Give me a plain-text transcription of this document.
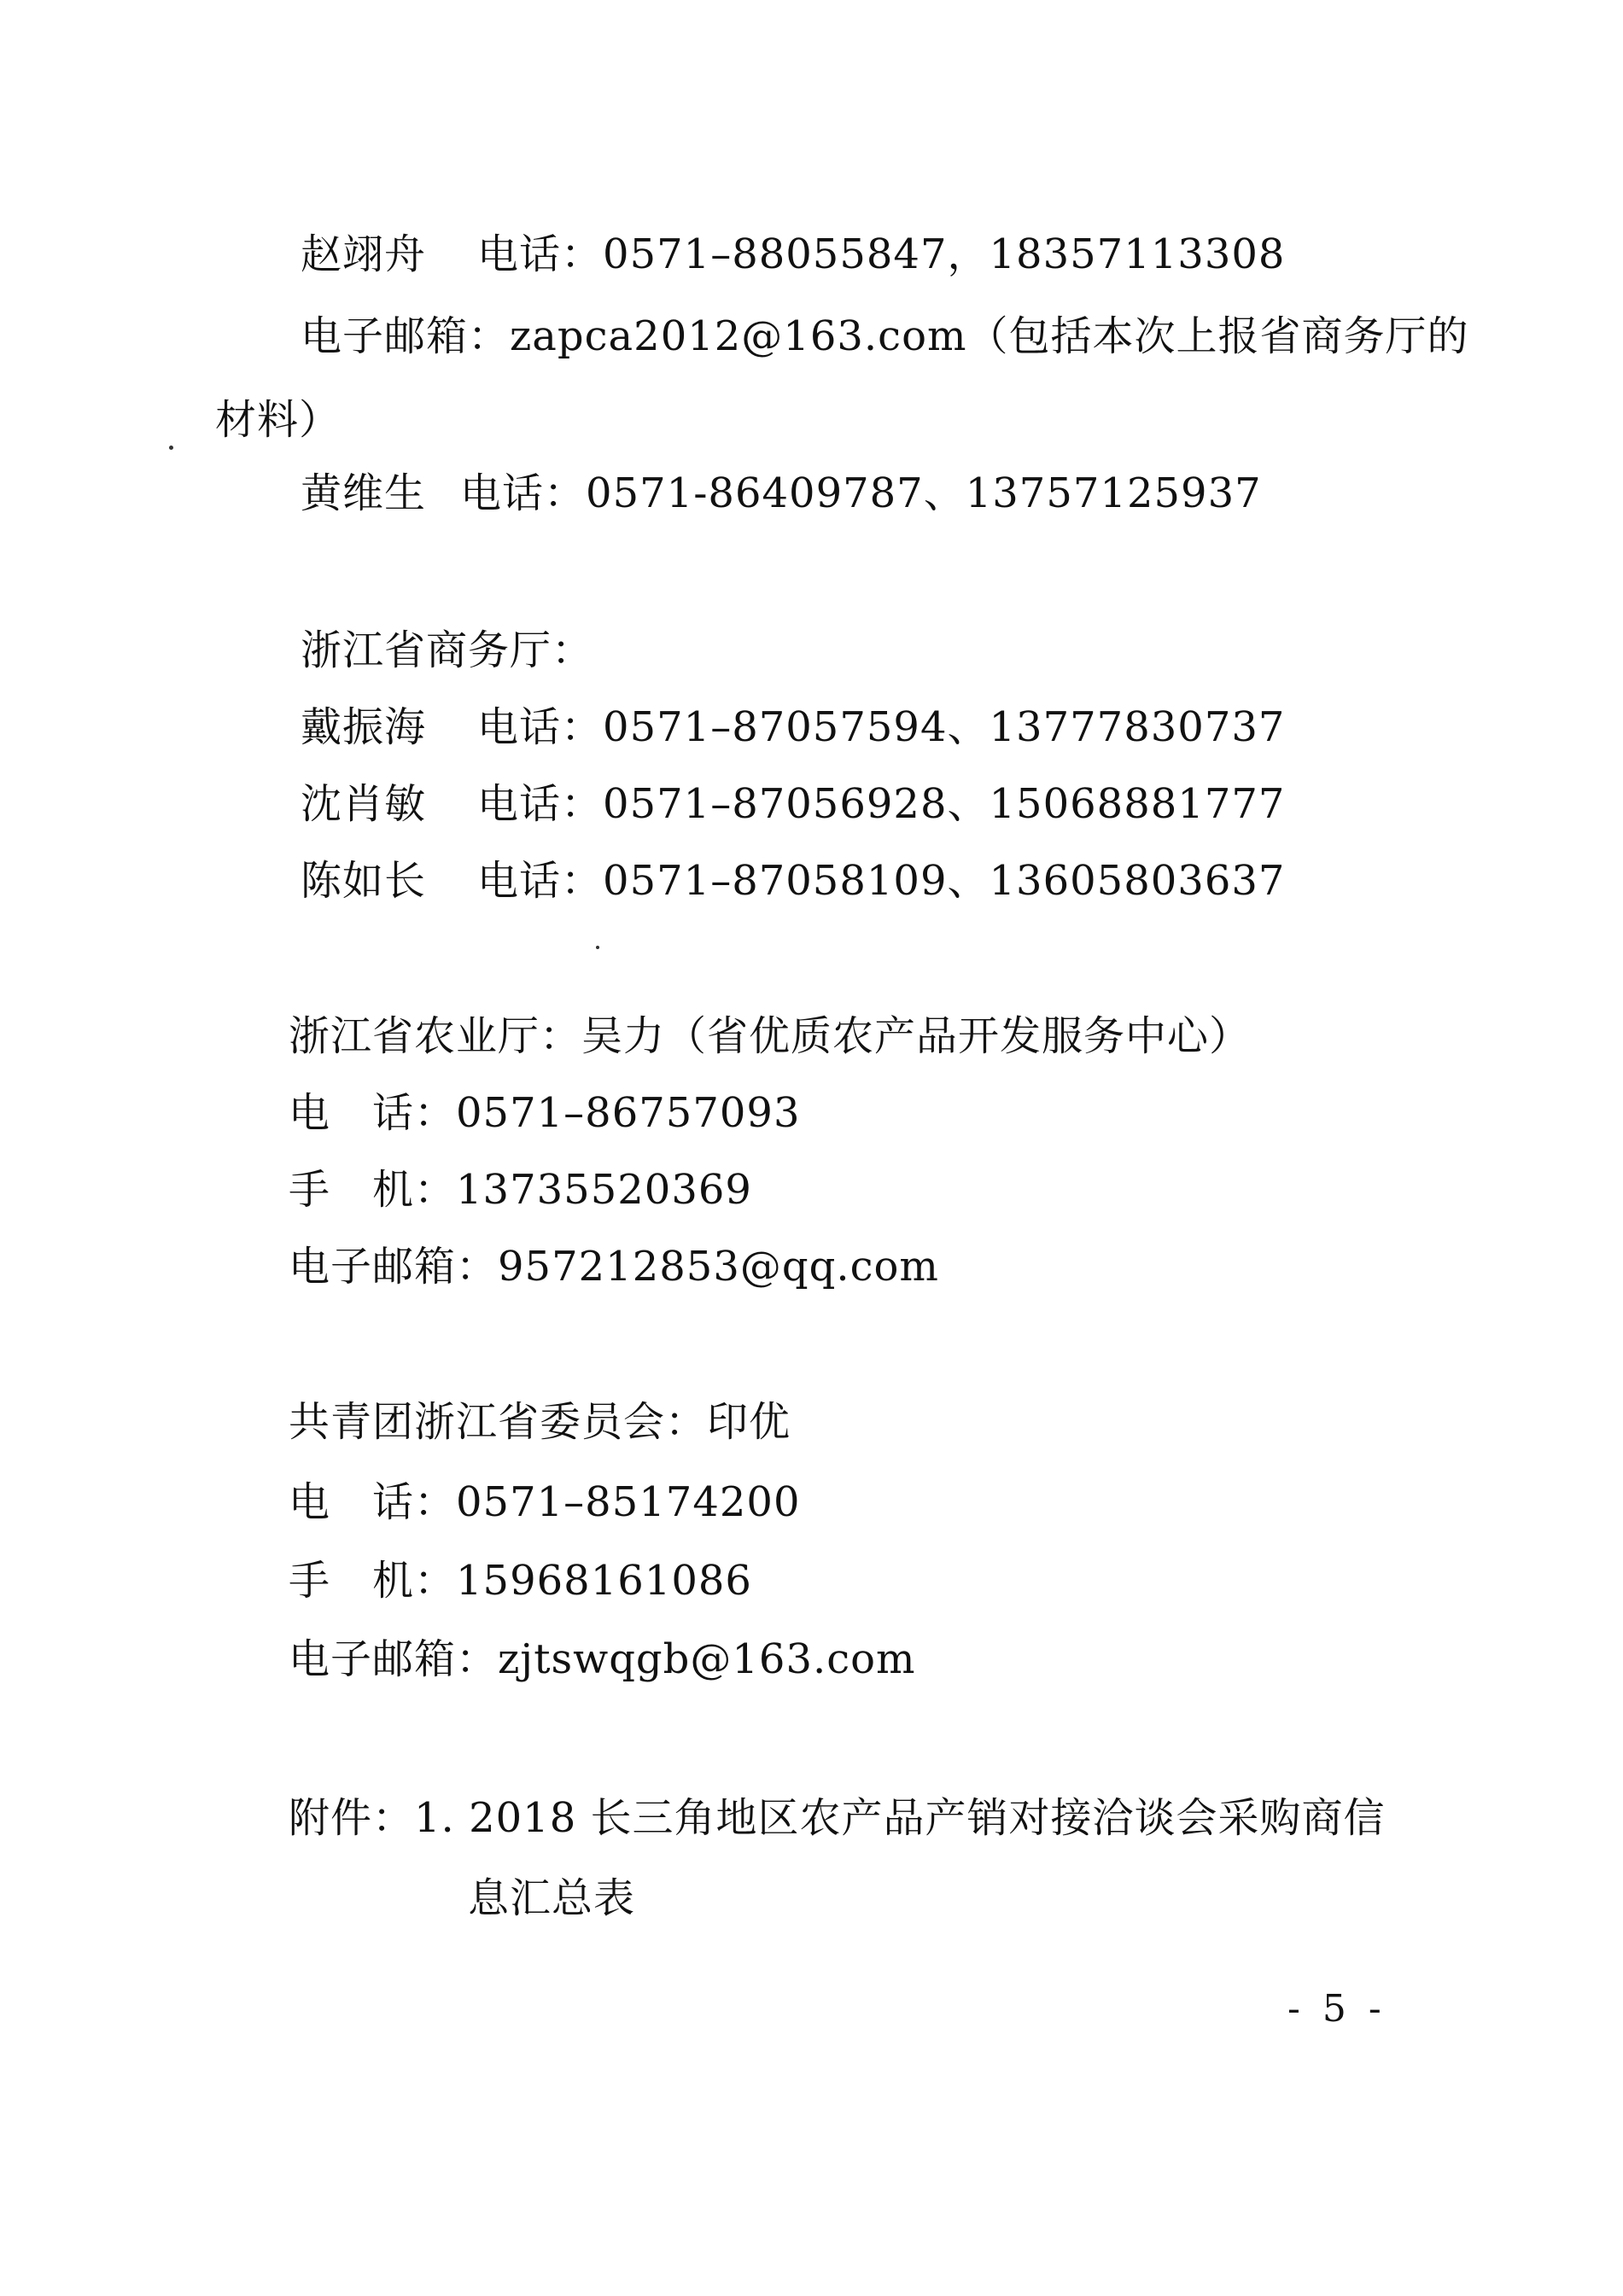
赵翊舟 电话：0571–88055847，18357113308
电子邮箱：zapca2012@163.com（包括本次上报省商务厅的
材料）
黄维生 电话：0571-86409787、13757125937
浙江省商务厅：
戴振海 电话：0571–87057594、13777830737
沈肖敏 电话：0571–87056928、15068881777
陈如长 电话：0571–87058109、13605803637
浙江省农业厅：吴力（省优质农产品开发服务中心）
电　话：0571–86757093
手　机：13735520369
电子邮箱：957212853@qq.com
共青团浙江省委员会：印优
电　话：0571–85174200
手　机：15968161086
电子邮箱：zjtswqgb@163.com
附件：1. 2018 长三角地区农产品产销对接洽谈会采购商信
息汇总表
- 5 -
